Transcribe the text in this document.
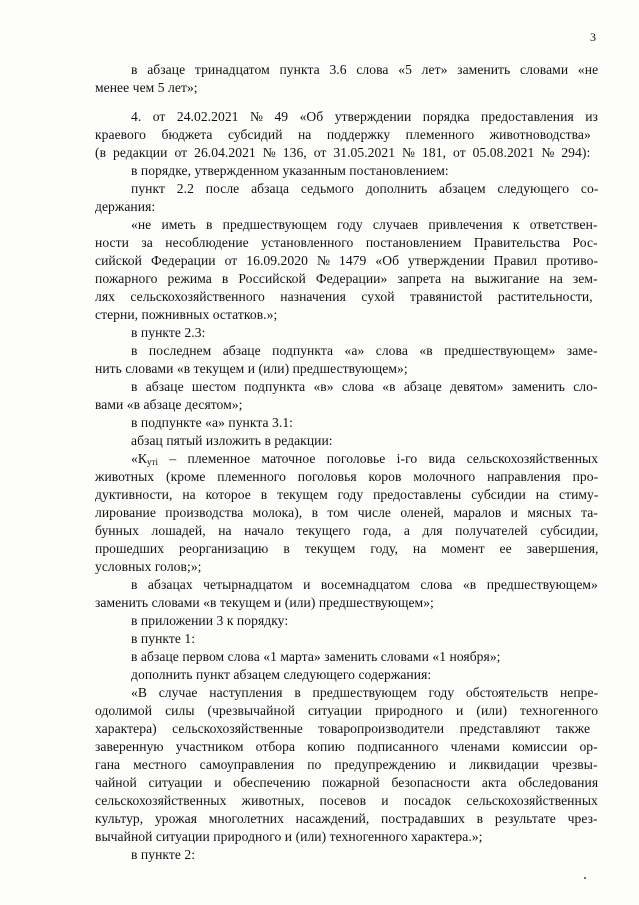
3
в абзаце тринадцатом пункта 3.6 слова «5 лет» заменить словами «не
менее чем 5 лет»;
4. от 24.02.2021 № 49 «Об утверждении порядка предоставления из
краевого бюджета субсидий на поддержку племенного животноводства»
(в редакции от 26.04.2021 № 136, от 31.05.2021 № 181, от 05.08.2021 № 294):
в порядке, утвержденном указанным постановлением:
пункт 2.2 после абзаца седьмого дополнить абзацем следующего со-
держания:
«не иметь в предшествующем году случаев привлечения к ответствен-
ности за несоблюдение установленного постановлением Правительства Рос-
сийской Федерации от 16.09.2020 № 1479 «Об утверждении Правил противо-
пожарного режима в Российской Федерации» запрета на выжигание на зем-
лях сельскохозяйственного назначения сухой травянистой растительности,
стерни, пожнивных остатков.»;
в пункте 2.3:
в последнем абзаце подпункта «а» слова «в предшествующем» заме-
нить словами «в текущем и (или) предшествующем»;
в абзаце шестом подпункта «в» слова «в абзаце девятом» заменить сло-
вами «в абзаце десятом»;
в подпункте «а» пункта 3.1:
абзац пятый изложить в редакции:
«$К_{уті}$ – племенное маточное поголовье і-го вида сельскохозяйственных
животных (кроме племенного поголовья коров молочного направления про-
дуктивности, на которое в текущем году предоставлены субсидии на стиму-
лирование производства молока), в том числе оленей, маралов и мясных та-
бунных лошадей, на начало текущего года, а для получателей субсидии,
прошедших реорганизацию в текущем году, на момент ее завершения,
условных голов;»;
в абзацах четырнадцатом и восемнадцатом слова «в предшествующем»
заменить словами «в текущем и (или) предшествующем»;
в приложении 3 к порядку:
в пункте 1:
в абзаце первом слова «1 марта» заменить словами «1 ноября»;
дополнить пункт абзацем следующего содержания:
«В случае наступления в предшествующем году обстоятельств непре-
одолимой силы (чрезвычайной ситуации природного и (или) техногенного
характера) сельскохозяйственные товаропроизводители представляют также
заверенную участником отбора копию подписанного членами комиссии ор-
гана местного самоуправления по предупреждению и ликвидации чрезвы-
чайной ситуации и обеспечению пожарной безопасности акта обследования
сельскохозяйственных животных, посевов и посадок сельскохозяйственных
культур, урожая многолетних насаждений, пострадавших в результате чрез-
вычайной ситуации природного и (или) техногенного характера.»;
в пункте 2:
